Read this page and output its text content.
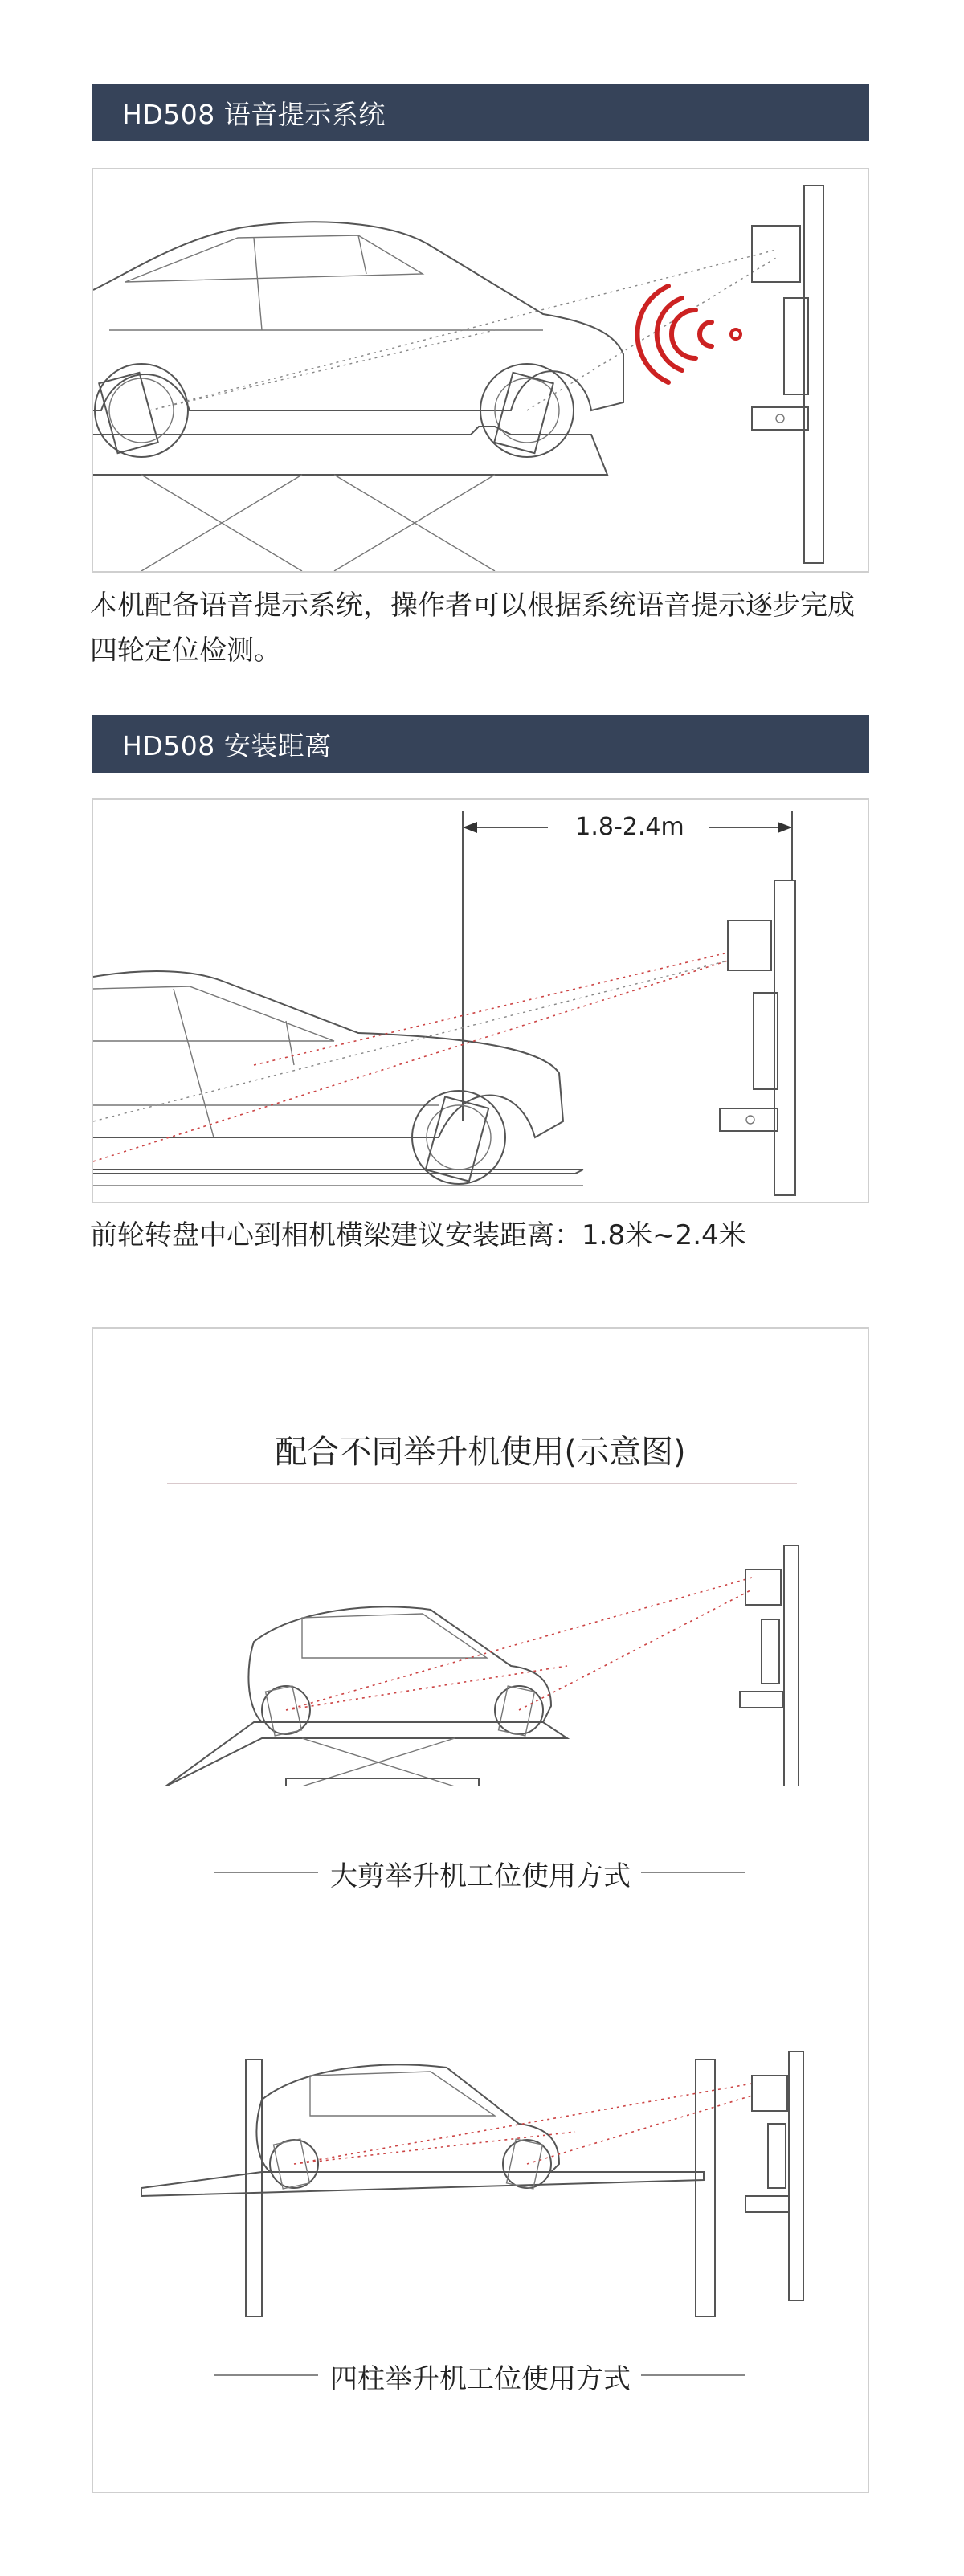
HD508 语音提示系统
本机配备语音提示系统，操作者可以根据系统语音提示逐步完成
四轮定位检测。
HD508 安装距离
1.8-2.4m
前轮转盘中心到相机横梁建议安装距离：1.8米~2.4米
配合不同举升机使用(示意图)
大剪举升机工位使用方式
四柱举升机工位使用方式
